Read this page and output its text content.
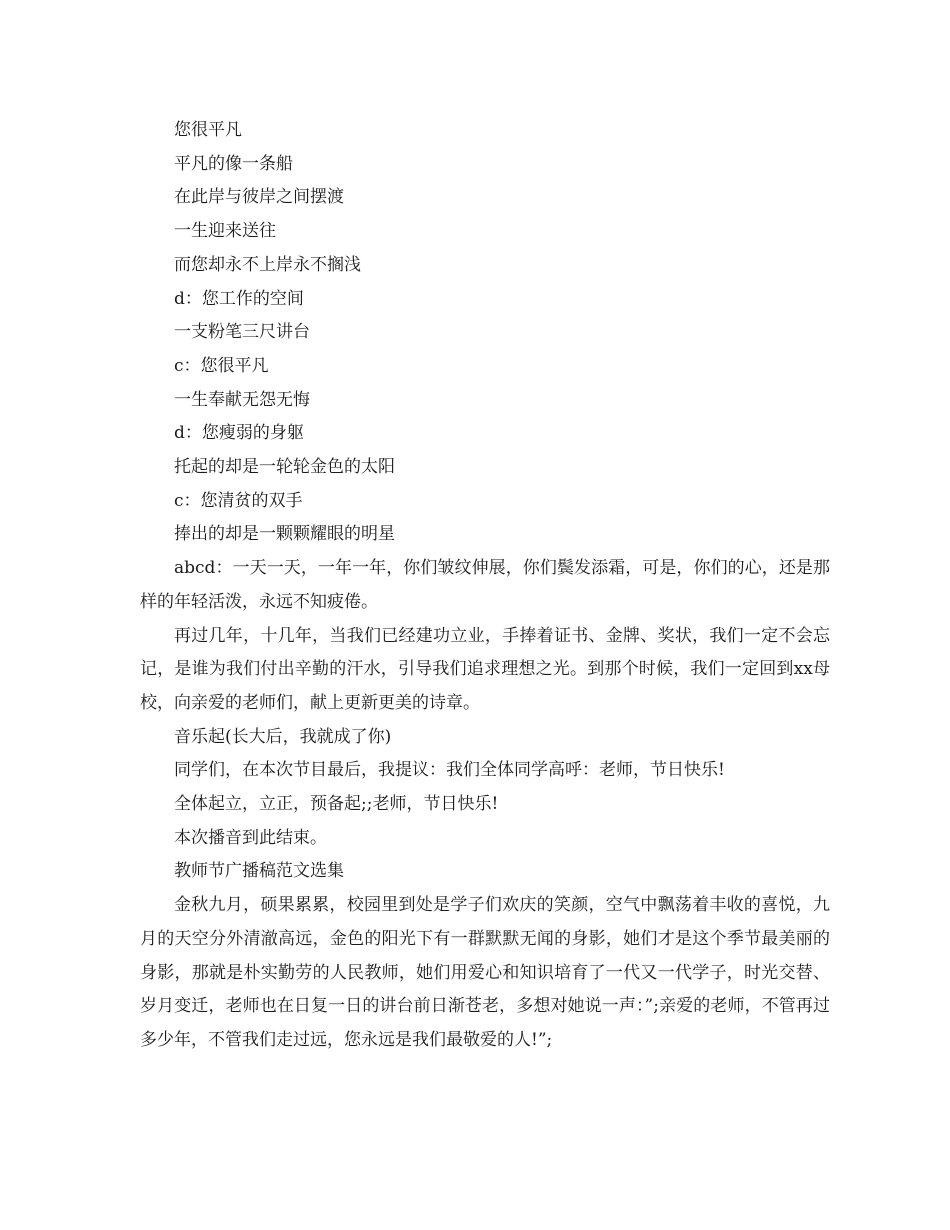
您很平凡

平凡的像一条船

在此岸与彼岸之间摆渡

一生迎来送往

而您却永不上岸永不搁浅

d：您工作的空间

一支粉笔三尺讲台

c：您很平凡

一生奉献无怨无悔

d：您瘦弱的身躯

托起的却是一轮轮金色的太阳

c：您清贫的双手

捧出的却是一颗颗耀眼的明星

abcd：一天一天，一年一年，你们皱纹伸展，你们鬓发添霜，可是，你们的心，还是那样的年轻活泼，永远不知疲倦。

再过几年，十几年，当我们已经建功立业，手捧着证书、金牌、奖状，我们一定不会忘记，是谁为我们付出辛勤的汗水，引导我们追求理想之光。到那个时候，我们一定回到xx母校，向亲爱的老师们，献上更新更美的诗章。

音乐起(长大后，我就成了你)

同学们，在本次节目最后，我提议：我们全体同学高呼：老师，节日快乐!

全体起立，立正，预备起;;老师，节日快乐!

本次播音到此结束。

教师节广播稿范文选集

金秋九月，硕果累累，校园里到处是学子们欢庆的笑颜，空气中飘荡着丰收的喜悦，九月的天空分外清澈高远，金色的阳光下有一群默默无闻的身影，她们才是这个季节最美丽的身影，那就是朴实勤劳的人民教师，她们用爱心和知识培育了一代又一代学子，时光交替、岁月变迁，老师也在日复一日的讲台前日渐苍老，多想对她说一声：”;亲爱的老师，不管再过多少年，不管我们走过远，您永远是我们最敬爱的人!”;
